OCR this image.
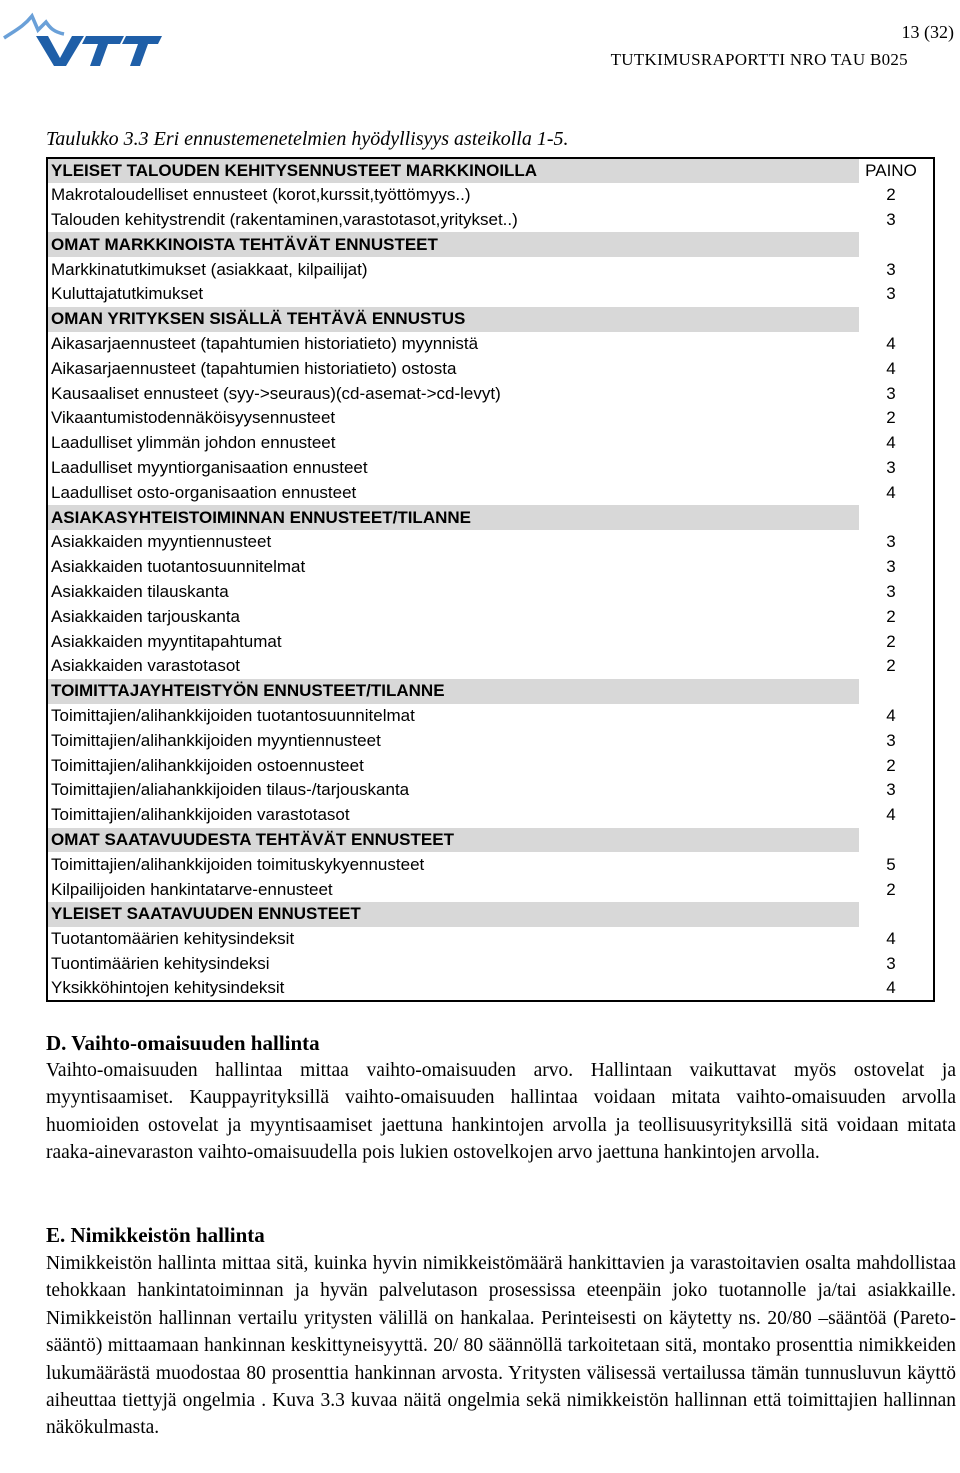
13 (32)
TUTKIMUSRAPORTTI NRO TAU B025
Taulukko 3.3 Eri ennustemenetelmien hyödyllisyys asteikolla 1-5.
YLEISET TALOUDEN KEHITYSENNUSTEET MARKKINOILLA	PAINO
Makrotaloudelliset ennusteet (korot,kurssit,työttömyys..)	2
Talouden kehitystrendit (rakentaminen,varastotasot,yritykset..)	3
OMAT MARKKINOISTA TEHTÄVÄT ENNUSTEET	
Markkinatutkimukset (asiakkaat, kilpailijat)	3
Kuluttajatutkimukset	3
OMAN YRITYKSEN SISÄLLÄ TEHTÄVÄ ENNUSTUS	
Aikasarjaennusteet (tapahtumien historiatieto) myynnistä	4
Aikasarjaennusteet (tapahtumien historiatieto) ostosta	4
Kausaaliset ennusteet (syy->seuraus)(cd-asemat->cd-levyt)	3
Vikaantumistodennäköisyysennusteet	2
Laadulliset ylimmän johdon ennusteet	4
Laadulliset myyntiorganisaation ennusteet	3
Laadulliset osto-organisaation ennusteet	4
ASIAKASYHTEISTOIMINNAN ENNUSTEET/TILANNE	
Asiakkaiden myyntiennusteet	3
Asiakkaiden tuotantosuunnitelmat	3
Asiakkaiden tilauskanta	3
Asiakkaiden tarjouskanta	2
Asiakkaiden myyntitapahtumat	2
Asiakkaiden varastotasot	2
TOIMITTAJAYHTEISTYÖN ENNUSTEET/TILANNE	
Toimittajien/alihankkijoiden tuotantosuunnitelmat	4
Toimittajien/alihankkijoiden myyntiennusteet	3
Toimittajien/alihankkijoiden ostoennusteet	2
Toimittajien/aliahankkijoiden tilaus-/tarjouskanta	3
Toimittajien/alihankkijoiden varastotasot	4
OMAT SAATAVUUDESTA TEHTÄVÄT ENNUSTEET	
Toimittajien/alihankkijoiden toimituskykyennusteet	5
Kilpailijoiden hankintatarve-ennusteet	2
YLEISET SAATAVUUDEN ENNUSTEET	
Tuotantomäärien kehitysindeksit	4
Tuontimäärien kehitysindeksi	3
Yksikköhintojen kehitysindeksit	4
D. Vaihto-omaisuuden hallinta
Vaihto-omaisuuden hallintaa mittaa vaihto-omaisuuden arvo. Hallintaan vaikuttavat myös ostovelat ja myyntisaamiset. Kauppayrityksillä vaihto-omaisuuden hallintaa voidaan mitata vaihto-omaisuuden arvolla huomioiden ostovelat ja myyntisaamiset jaettuna hankintojen arvolla ja teollisuusyrityksillä sitä voidaan mitata raaka-ainevaraston vaihto-omaisuudella pois lukien ostovelkojen arvo jaettuna hankintojen arvolla.
E. Nimikkeistön hallinta
Nimikkeistön hallinta mittaa sitä, kuinka hyvin nimikkeistömäärä hankittavien ja varastoitavien osalta mahdollistaa tehokkaan hankintatoiminnan ja hyvän palvelutason prosessissa eteenpäin joko tuotannolle ja/tai asiakkaille. Nimikkeistön hallinnan vertailu yritysten välillä on hankalaa. Perinteisesti on käytetty ns. 20/80 –sääntöä (Pareto-sääntö) mittaamaan hankinnan keskittyneisyyttä. 20/ 80 säännöllä tarkoitetaan sitä, montako prosenttia nimikkeiden lukumäärästä muodostaa 80 prosenttia hankinnan arvosta. Yritysten välisessä vertailussa tämän tunnusluvun käyttö aiheuttaa tiettyjä ongelmia . Kuva 3.3 kuvaa näitä ongelmia sekä nimikkeistön hallinnan että toimittajien hallinnan näkökulmasta.
